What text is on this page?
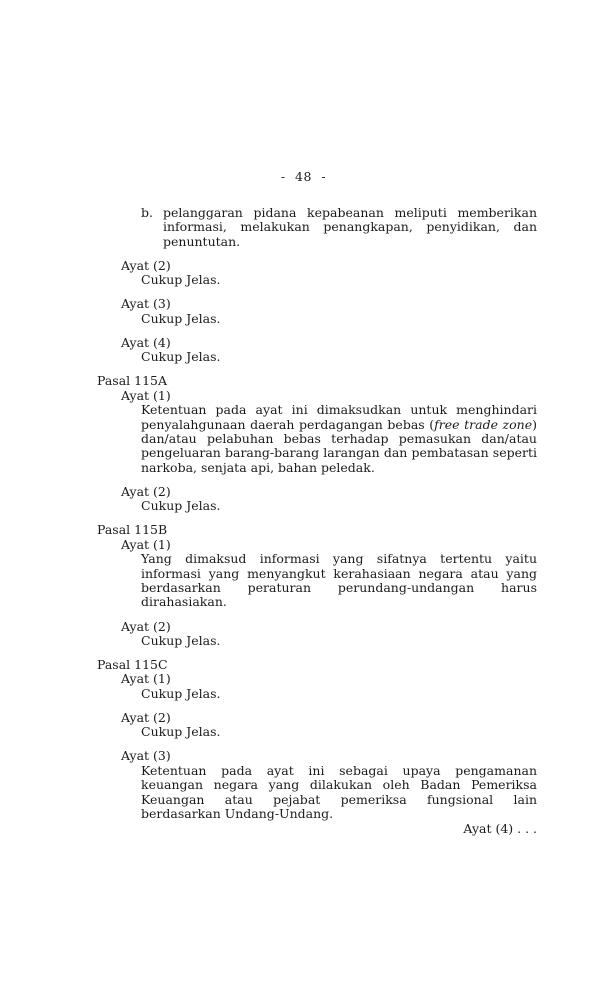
- 48 -
b. pelanggaran pidana kepabeanan meliputi memberikan informasi, melakukan penangkapan, penyidikan, dan penuntutan.
Ayat (2)
Cukup Jelas.
Ayat (3)
Cukup Jelas.
Ayat (4)
Cukup Jelas.
Pasal 115A
Ayat (1)
Ketentuan pada ayat ini dimaksudkan untuk menghindari penyalahgunaan daerah perdagangan bebas (free trade zone) dan/atau pelabuhan bebas terhadap pemasukan dan/atau pengeluaran barang-barang larangan dan pembatasan seperti narkoba, senjata api, bahan peledak.
Ayat (2)
Cukup Jelas.
Pasal 115B
Ayat (1)
Yang dimaksud informasi yang sifatnya tertentu yaitu informasi yang menyangkut kerahasiaan negara atau yang berdasarkan peraturan perundang-undangan harus dirahasiakan.
Ayat (2)
Cukup Jelas.
Pasal 115C
Ayat (1)
Cukup Jelas.
Ayat (2)
Cukup Jelas.
Ayat (3)
Ketentuan pada ayat ini sebagai upaya pengamanan keuangan negara yang dilakukan oleh Badan Pemeriksa Keuangan atau pejabat pemeriksa fungsional lain berdasarkan Undang-Undang.
Ayat (4) . . .
